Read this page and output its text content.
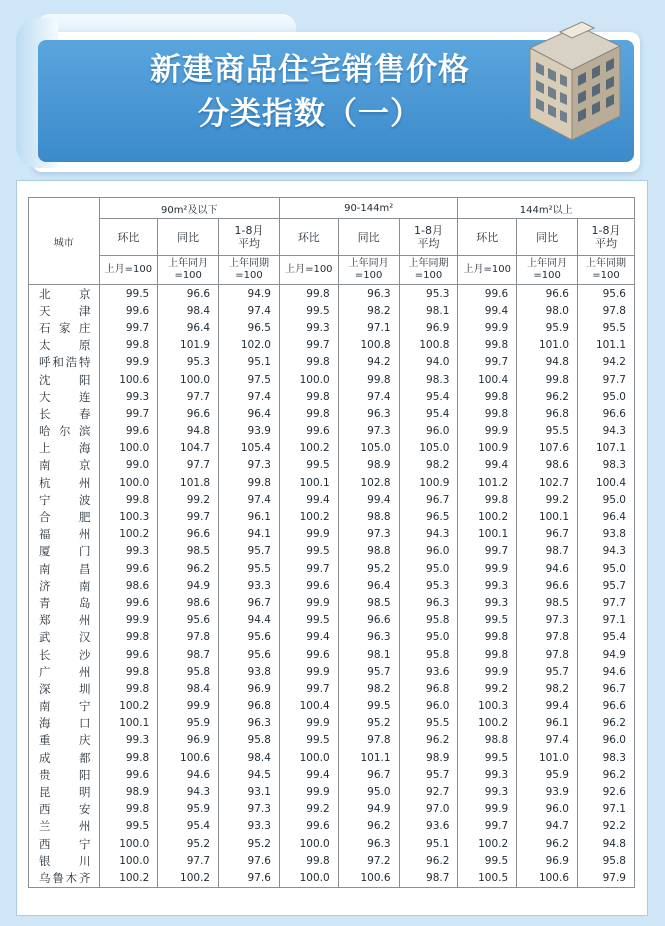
新建商品住宅销售价格
分类指数（一）
城市	90m²及以下			90-144m²			144m²以上		
	环比	同比	1-8月平均	环比	同比	1-8月平均	环比	同比	1-8月平均
	上月=100	上年同月=100	上年同期=100	上月=100	上年同月=100	上年同期=100	上月=100	上年同月=100	上年同期=100
北京	99.5	96.6	94.9	99.8	96.3	95.3	99.6	96.6	95.6
天津	99.6	98.4	97.4	99.5	98.2	98.1	99.4	98.0	97.8
石家庄	99.7	96.4	96.5	99.3	97.1	96.9	99.9	95.9	95.5
太原	99.8	101.9	102.0	99.7	100.8	100.8	99.8	101.0	101.1
呼和浩特	99.9	95.3	95.1	99.8	94.2	94.0	99.7	94.8	94.2
沈阳	100.6	100.0	97.5	100.0	99.8	98.3	100.4	99.8	97.7
大连	99.3	97.7	97.4	99.8	97.4	95.4	99.8	96.2	95.0
长春	99.7	96.6	96.4	99.8	96.3	95.4	99.8	96.8	96.6
哈尔滨	99.6	94.8	93.9	99.6	97.3	96.0	99.9	95.5	94.3
上海	100.0	104.7	105.4	100.2	105.0	105.0	100.9	107.6	107.1
南京	99.0	97.7	97.3	99.5	98.9	98.2	99.4	98.6	98.3
杭州	100.0	101.8	99.8	100.1	102.8	100.9	101.2	102.7	100.4
宁波	99.8	99.2	97.4	99.4	99.4	96.7	99.8	99.2	95.0
合肥	100.3	99.7	96.1	100.2	98.8	96.5	100.2	100.1	96.4
福州	100.2	96.6	94.1	99.9	97.3	94.3	100.1	96.7	93.8
厦门	99.3	98.5	95.7	99.5	98.8	96.0	99.7	98.7	94.3
南昌	99.6	96.2	95.5	99.7	95.2	95.0	99.9	94.6	95.0
济南	98.6	94.9	93.3	99.6	96.4	95.3	99.3	96.6	95.7
青岛	99.6	98.6	96.7	99.9	98.5	96.3	99.3	98.5	97.7
郑州	99.9	95.6	94.4	99.5	96.6	95.8	99.5	97.3	97.1
武汉	99.8	97.8	95.6	99.4	96.3	95.0	99.8	97.8	95.4
长沙	99.6	98.7	95.6	99.6	98.1	95.8	99.8	97.8	94.9
广州	99.8	95.8	93.8	99.9	95.7	93.6	99.9	95.7	94.6
深圳	99.8	98.4	96.9	99.7	98.2	96.8	99.2	98.2	96.7
南宁	100.2	99.9	96.8	100.4	99.5	96.0	100.3	99.4	96.6
海口	100.1	95.9	96.3	99.9	95.2	95.5	100.2	96.1	96.2
重庆	99.3	96.9	95.8	99.5	97.8	96.2	98.8	97.4	96.0
成都	99.8	100.6	98.4	100.0	101.1	98.9	99.5	101.0	98.3
贵阳	99.6	94.6	94.5	99.4	96.7	95.7	99.3	95.9	96.2
昆明	98.9	94.3	93.1	99.9	95.0	92.7	99.3	93.9	92.6
西安	99.8	95.9	97.3	99.2	94.9	97.0	99.9	96.0	97.1
兰州	99.5	95.4	93.3	99.6	96.2	93.6	99.7	94.7	92.2
西宁	100.0	95.2	95.2	100.0	96.3	95.1	100.2	96.2	94.8
银川	100.0	97.7	97.6	99.8	97.2	96.2	99.5	96.9	95.8
乌鲁木齐	100.2	100.2	97.6	100.0	100.6	98.7	100.5	100.6	97.9
